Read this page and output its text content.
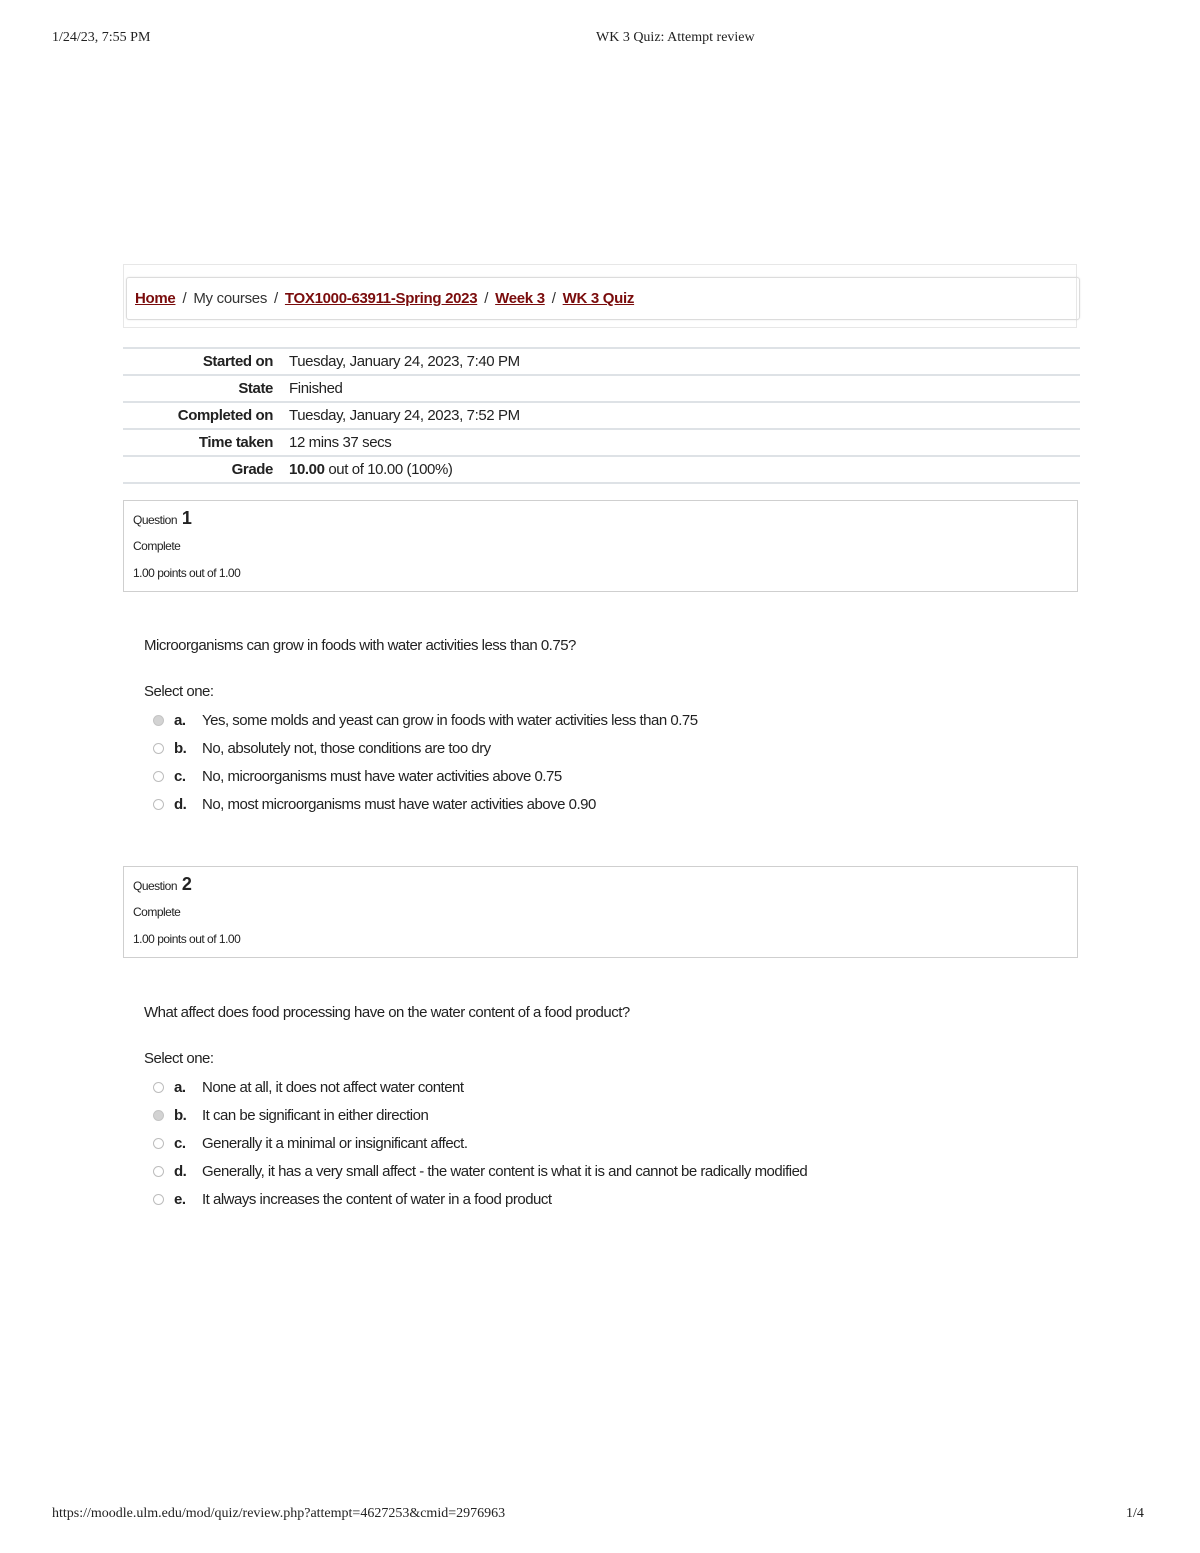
1/24/23, 7:55 PM	WK 3 Quiz: Attempt review
Home / My courses / TOX1000-63911-Spring 2023 / Week 3 / WK 3 Quiz
Started on Tuesday, January 24, 2023, 7:40 PM
State Finished
Completed on Tuesday, January 24, 2023, 7:52 PM
Time taken 12 mins 37 secs
Grade 10.00 out of 10.00 (100%)
Question 1
Complete
1.00 points out of 1.00
Microorganisms can grow in foods with water activities less than 0.75?
Select one:
a.	Yes, some molds and yeast can grow in foods with water activities less than 0.75
b.	No, absolutely not, those conditions are too dry
c.	No, microorganisms must have water activities above 0.75
d.	No, most microorganisms must have water activities above 0.90
Question 2
Complete
1.00 points out of 1.00
What affect does food processing have on the water content of a food product?
Select one:
a.	None at all, it does not affect water content
b.	It can be significant in either direction
c.	Generally it a minimal or insignificant affect.
d.	Generally, it has a very small affect - the water content is what it is and cannot be radically modified
e.	It always increases the content of water in a food product
https://moodle.ulm.edu/mod/quiz/review.php?attempt=4627253&cmid=2976963	1/4
